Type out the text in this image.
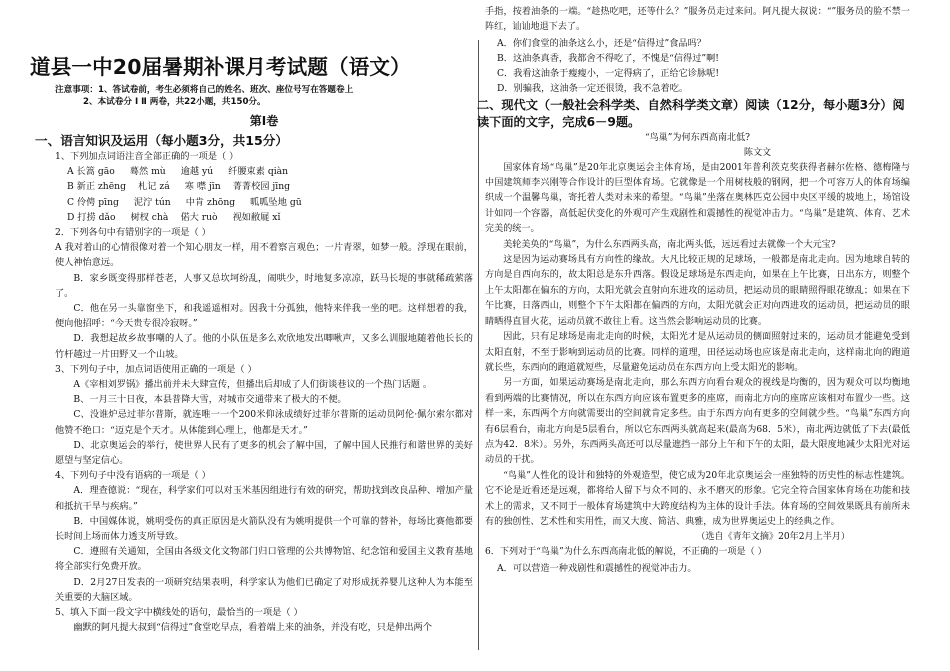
道县一中20届暑期补课月考试题（语文）
注意事项：1、答试卷前，考生必须将自己的姓名、班次、座位号写在答题卷上
2、本试卷分 Ⅰ Ⅱ 两卷，共22小题，共150分。
第Ⅰ卷
一、语言知识及运用（每小题3分，共15分）

1、下列加点词语注音全部正确的一项是（ ）

A 长篙 gāo 　 蓦然 mù 　 逾越 yú 　 纤腰束素 qiàn

B 新正 zhēng 　札记 zá 　 寒 噤 jīn 　菁菁校园 jīng

C 伶俜 pīng 　 泥泞 tún 　 中肯 zhōng 　 呱呱坠地 gū

D 打捞 dǎo 　 树杈 chà 　偌大 ruò 　 视如敝屣 xǐ

2．下列各句中有错别字的一项是（ ）

A 我对着山的心情很像对着一个知心朋友一样，用不着察言观色；一片青翠，如梦一般。浮现在眼前，使人神怡意远。

B．家乡既变得那样苍老，人事又总坎坷纷乱，闹哄少，时地复多凉凉，跃马长堤的事就稀疏萦落了。

C．他在另一头靠窗坐下，和我遥遥相对。因我十分孤独，他特来伴我一坐的吧。这样想着的我，便向他招呼：“今天贵专很冷寂呀。”

D．我想起故乡故事嘲的人了。他的小队伍是多么欢欣地发出唧啾声，又多么训服地随着他长长的竹杆越过一片田野又一个山坡。

3、下列句子中，加点词语使用正确的一项是（ ）

A《宰相刘罗锅》播出前并未大肆宣传，但播出后却成了人们街谈巷议的一个热门话题 。

B、一月三十日夜，本县普降大雪，对城市交通带来了极大的不便。

C、没谁炉忌过菲尔普斯，就连唯一一个200米仰泳成绩好过菲尔普斯的运动员阿伦·佩尔索尔都对他赞不绝口：“迈克是个天才。从体能到心理上，他都是天才。”

D、北京奥运会的举行，使世界人民有了更多的机会了解中国，了解中国人民推行和谐世界的美好愿望与坚定信心。

4、下列句子中没有语病的一项是（ ）

A．理查德说：“现在，科学家们可以对玉米基因组进行有效的研究，帮助找到改良品种、增加产量和抵抗干旱与疾病。”

B．中国媒体说，姚明受伤的真正原因是火箭队没有为姚明提供一个可靠的替补，每场比赛他都要长时间上场而体力透支所导致。

C．遵照有关通知，全国由各级文化文物部门归口管理的公共博物馆、纪念馆和爱国主义教育基地将全部实行免费开放。

D．2月27日发表的一项研究结果表明，科学家认为他们已确定了对形成抚养婴儿这种人为本能至关重要的大脑区域。

5、填入下面一段文字中横线处的语句，最恰当的一项是（ ）

幽默的阿凡提大叔到“信得过”食堂吃早点，看着端上来的油条，并没有吃，只是伸出两个

手指，按着油条的一端。“趁热吃吧，还等什么？”服务员走过来问。阿凡提大叔说：“”服务员的脸不禁一阵红，讪讪地退下去了。

A．你们食堂的油条这么小，还是“信得过”食品吗？

B．这油条真香，我都舍不得吃了，不愧是“信得过”啊!

C．我看这油条于瘦瘦小，一定得病了，正给它诊脉呢!

D．别骗我，这油条一定还很烫，我不急着吃。

二、现代文（一般社会科学类、自然科学类文章）阅读（12分，每小题3分）阅读下面的文字，完成6－9题。

“鸟巢”为何东西高南北低?

陈文文

国家体育场“鸟巢”是20年北京奥运会主体育场，是由2001年普利茨克奖获得者赫尔佐格、德梅隆与中国建筑师李兴刚等合作设计的巨型体育场。它就像是一个用树枝般的钢网，把一个可容万人的体育场编织成一个温馨鸟巢，寄托着人类对未来的希望。“鸟巢”坐落在奥林匹克公园中央区平缓的坡地上，场馆设计如同一个容器，高低起伏变化的外观可产生戏剧性和震撼性的视觉冲击力。“鸟巢”是建筑、体育、艺术完美的统一。

美轮美奂的“鸟巢”，为什么东西两头高，南北两头低，远远看过去就像一个大元宝?

这是因为运动赛场具有方向性的缘故。大凡比较正规的足球场，一般都是南北走向。因为地球自转的方向是自西向东的，故太阳总是东升西落。假设足球场是东西走向，如果在上午比赛，日出东方，则整个上午太阳都在偏东的方向，太阳光就会直射向东进攻的运动员，把运动员的眼睛照得眼花缭乱；如果在下午比赛，日落西山，则整个下午太阳都在偏西的方向，太阳光就会正对向西进攻的运动员，把运动员的眼睛晒得直冒火花，运动员就不敢往上看。这当然会影响运动员的比赛。

因此，只有足球场是南北走向的时候，太阳光才是从运动员的侧面照射过来的，运动员才能避免受到太阳直射，不至于影响到运动员的比赛。同样的道理，田径运动场也应该是南北走向，这样南北向的跑道就长些，东西向的跑道就短些，尽量避免运动员在东西方向上受太阳光的影响。

另一方面，如果运动赛场是南北走向，那么东西方向看台观众的视线是均衡的，因为观众可以均衡地看到两端的比赛情况，所以在东西方向应该布置更多的座席，而南北方向的座席应该相对布置少一些。这样一来，东西两个方向就需要出的空间就肯定多些。由于东西方向有更多的空间就少些。“鸟巢”东西方向有6层看台，南北方向是5层看台，所以它东西两头就高起来(最高为68．5米），南北两边就低了下去(最低点为42．8米）。另外，东西两头高还可以尽量遮挡一部分上午和下午的太阳，最大限度地减少太阳光对运动员的干扰。

“鸟巢”人性化的设计和独特的外观造型，使它成为20年北京奥运会一座独特的历史性的标志性建筑。它不论是近看还是远观，都将给人留下与众不同的、永不磨灭的形象。它完全符合国家体育场在功能和技术上的需求，又不同于一般体育场建筑中大跨度结构为主体的设计手法。体育场的空间效果既具有前所未有的独创性、艺术性和实用性，而又大度、简洁、典雅，成为世界奥运史上的经典之作。

（选自《青年文摘》20年2月上半月）

6．下列对于“鸟巢”为什么东西高南北低的解说，不正确的一项是（ ）

A．可以营造一种戏剧性和震撼性的视觉冲击力。
